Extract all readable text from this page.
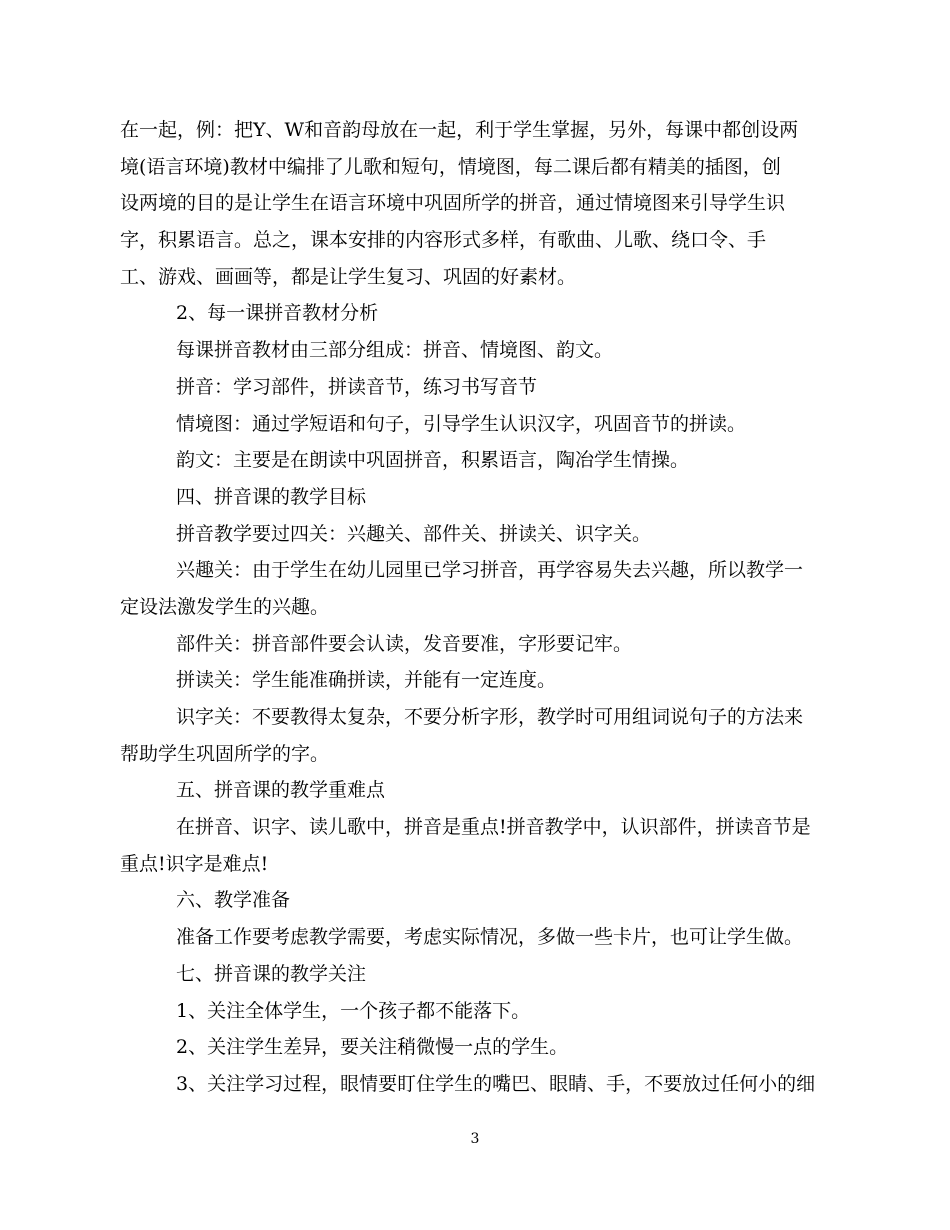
在一起，例：把Y、W和音韵母放在一起，利于学生掌握，另外，每课中都创设两
境(语言环境)教材中编排了儿歌和短句，情境图，每二课后都有精美的插图，创
设两境的目的是让学生在语言环境中巩固所学的拼音，通过情境图来引导学生识
字，积累语言。总之，课本安排的内容形式多样，有歌曲、儿歌、绕口令、手
工、游戏、画画等，都是让学生复习、巩固的好素材。
2、每一课拼音教材分析
每课拼音教材由三部分组成：拼音、情境图、韵文。
拼音：学习部件，拼读音节，练习书写音节
情境图：通过学短语和句子，引导学生认识汉字，巩固音节的拼读。
韵文：主要是在朗读中巩固拼音，积累语言，陶冶学生情操。
四、拼音课的教学目标
拼音教学要过四关：兴趣关、部件关、拼读关、识字关。
兴趣关：由于学生在幼儿园里已学习拼音，再学容易失去兴趣，所以教学一
定设法激发学生的兴趣。
部件关：拼音部件要会认读，发音要准，字形要记牢。
拼读关：学生能准确拼读，并能有一定连度。
识字关：不要教得太复杂，不要分析字形，教学时可用组词说句子的方法来
帮助学生巩固所学的字。
五、拼音课的教学重难点
在拼音、识字、读儿歌中，拼音是重点!拼音教学中，认识部件，拼读音节是
重点!识字是难点!
六、教学准备
准备工作要考虑教学需要，考虑实际情况，多做一些卡片，也可让学生做。
七、拼音课的教学关注
1、关注全体学生，一个孩子都不能落下。
2、关注学生差异，要关注稍微慢一点的学生。
3、关注学习过程，眼情要盯住学生的嘴巴、眼睛、手，不要放过任何小的细
3
